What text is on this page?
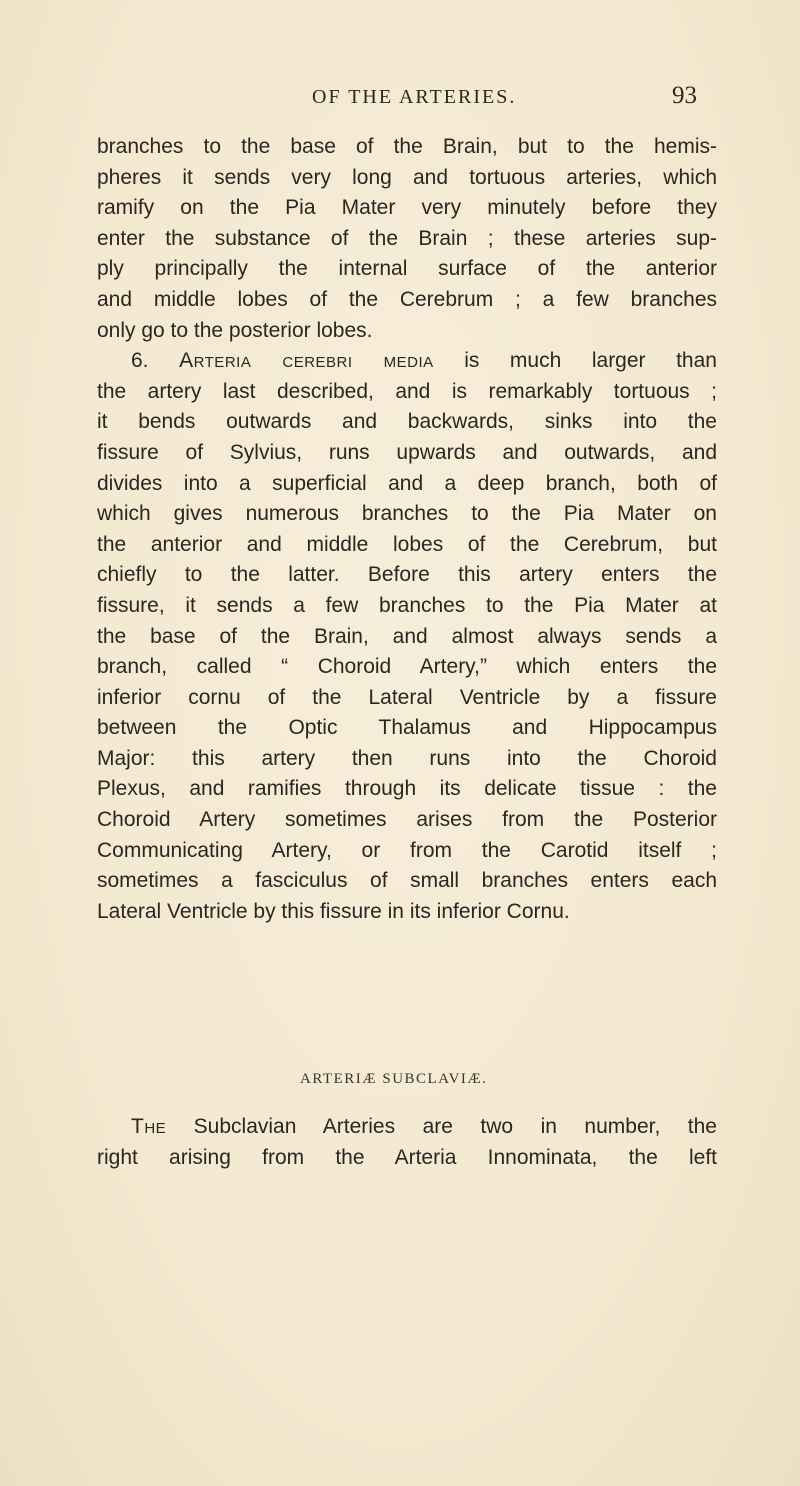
OF THE ARTERIES.	93
branches to the base of the Brain, but to the hemis-
pheres it sends very long and tortuous arteries, which
ramify on the Pia Mater very minutely before they
enter the substance of the Brain ; these arteries sup-
ply principally the internal surface of the anterior
and middle lobes of the Cerebrum ; a few branches
only go to the posterior lobes.
6. Arteria cerebri media is much larger than
the artery last described, and is remarkably tortuous ;
it bends outwards and backwards, sinks into the
fissure of Sylvius, runs upwards and outwards, and
divides into a superficial and a deep branch, both of
which gives numerous branches to the Pia Mater on
the anterior and middle lobes of the Cerebrum, but
chiefly to the latter. Before this artery enters the
fissure, it sends a few branches to the Pia Mater at
the base of the Brain, and almost always sends a
branch, called “ Choroid Artery,” which enters the
inferior cornu of the Lateral Ventricle by a fissure
between the Optic Thalamus and Hippocampus
Major: this artery then runs into the Choroid
Plexus, and ramifies through its delicate tissue : the
Choroid Artery sometimes arises from the Posterior
Communicating Artery, or from the Carotid itself ;
sometimes a fasciculus of small branches enters each
Lateral Ventricle by this fissure in its inferior Cornu.
ARTERIÆ SUBCLAVIÆ.
The Subclavian Arteries are two in number, the
right arising from the Arteria Innominata, the left
